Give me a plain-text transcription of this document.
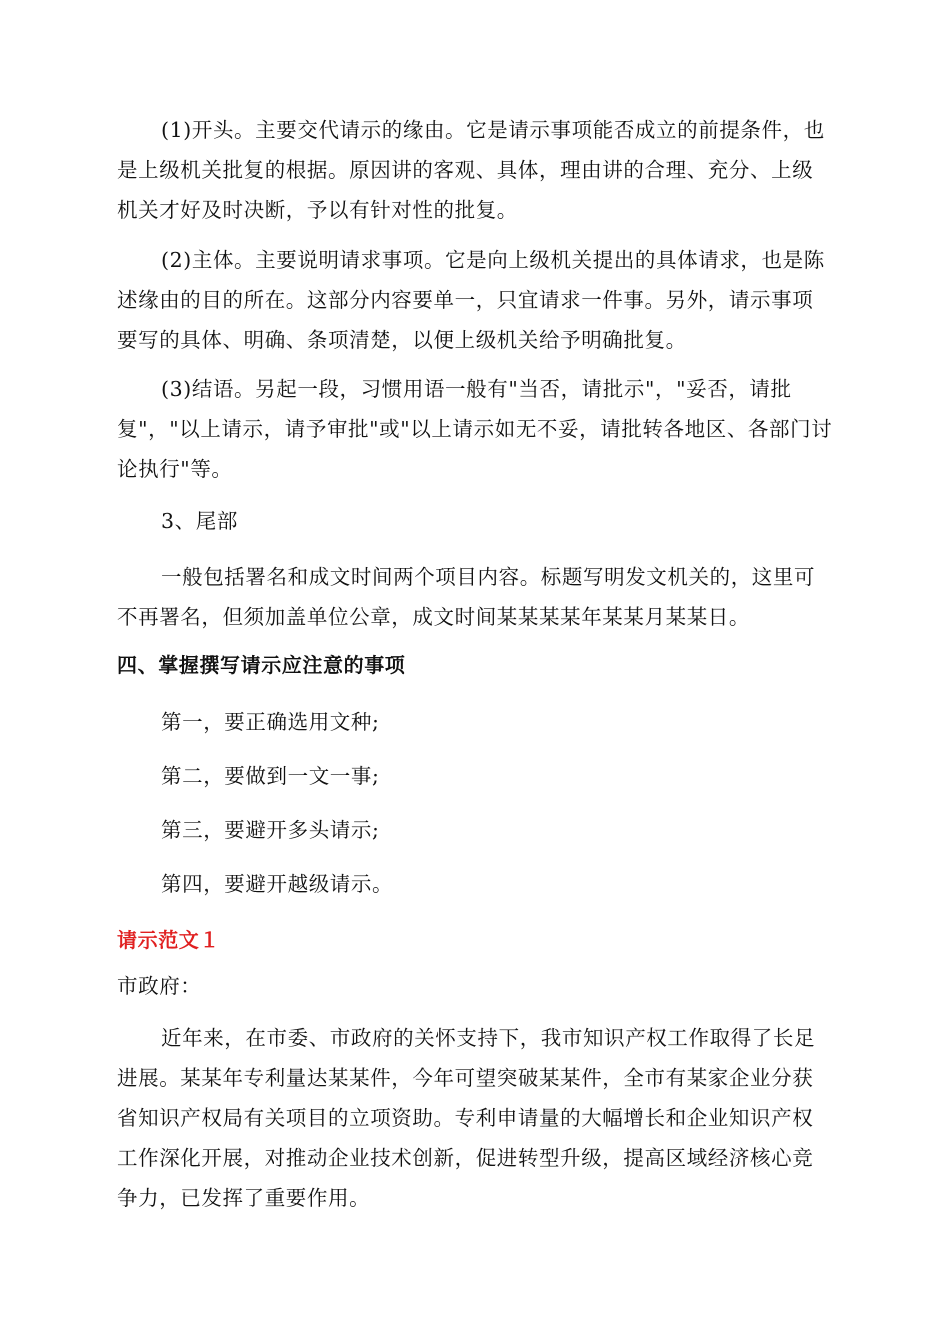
(1)开头。主要交代请示的缘由。它是请示事项能否成立的前提条件，也是上级机关批复的根据。原因讲的客观、具体，理由讲的合理、充分、上级机关才好及时决断，予以有针对性的批复。

(2)主体。主要说明请求事项。它是向上级机关提出的具体请求，也是陈述缘由的目的所在。这部分内容要单一，只宜请求一件事。另外，请示事项要写的具体、明确、条项清楚，以便上级机关给予明确批复。

(3)结语。另起一段，习惯用语一般有"当否，请批示"，"妥否，请批复"，"以上请示，请予审批"或"以上请示如无不妥，请批转各地区、各部门讨论执行"等。

3、尾部

一般包括署名和成文时间两个项目内容。标题写明发文机关的，这里可不再署名，但须加盖单位公章，成文时间某某某某年某某月某某日。

四、掌握撰写请示应注意的事项

第一，要正确选用文种;

第二，要做到一文一事;

第三，要避开多头请示;

第四，要避开越级请示。

请示范文１

市政府：

近年来，在市委、市政府的关怀支持下，我市知识产权工作取得了长足进展。某某年专利量达某某件，今年可望突破某某件，全市有某家企业分获省知识产权局有关项目的立项资助。专利申请量的大幅增长和企业知识产权工作深化开展，对推动企业技术创新，促进转型升级，提高区域经济核心竞争力，已发挥了重要作用。
